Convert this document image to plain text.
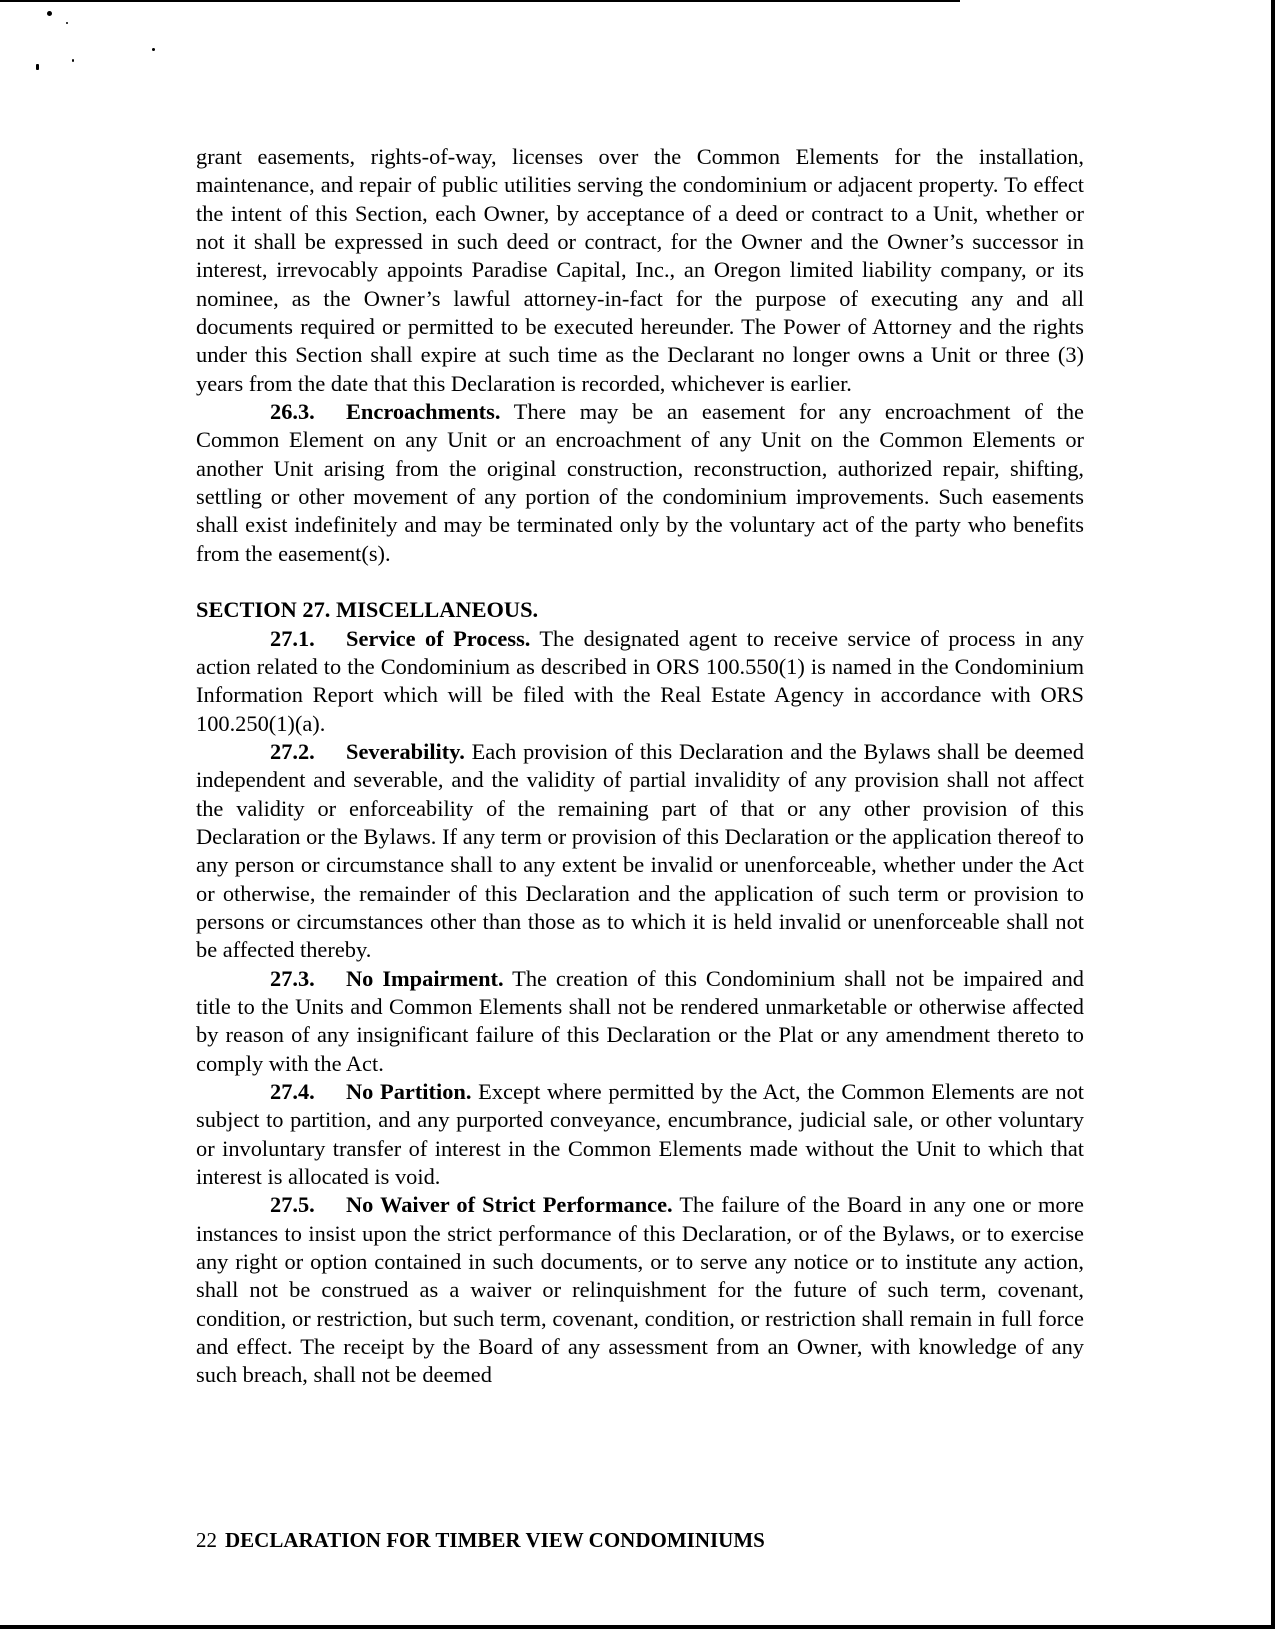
grant easements, rights-of-way, licenses over the Common Elements for the installation, maintenance, and repair of public utilities serving the condominium or adjacent property. To effect the intent of this Section, each Owner, by acceptance of a deed or contract to a Unit, whether or not it shall be expressed in such deed or contract, for the Owner and the Owner’s successor in interest, irrevocably appoints Paradise Capital, Inc., an Oregon limited liability company, or its nominee, as the Owner’s lawful attorney-in-fact for the purpose of executing any and all documents required or permitted to be executed hereunder. The Power of Attorney and the rights under this Section shall expire at such time as the Declarant no longer owns a Unit or three (3) years from the date that this Declaration is recorded, whichever is earlier.

26.3. Encroachments. There may be an easement for any encroachment of the Common Element on any Unit or an encroachment of any Unit on the Common Elements or another Unit arising from the original construction, reconstruction, authorized repair, shifting, settling or other movement of any portion of the condominium improvements. Such easements shall exist indefinitely and may be terminated only by the voluntary act of the party who benefits from the easement(s).

SECTION 27. MISCELLANEOUS.

27.1. Service of Process. The designated agent to receive service of process in any action related to the Condominium as described in ORS 100.550(1) is named in the Condominium Information Report which will be filed with the Real Estate Agency in accordance with ORS 100.250(1)(a).

27.2. Severability. Each provision of this Declaration and the Bylaws shall be deemed independent and severable, and the validity of partial invalidity of any provision shall not affect the validity or enforceability of the remaining part of that or any other provision of this Declaration or the Bylaws. If any term or provision of this Declaration or the application thereof to any person or circumstance shall to any extent be invalid or unenforceable, whether under the Act or otherwise, the remainder of this Declaration and the application of such term or provision to persons or circumstances other than those as to which it is held invalid or unenforceable shall not be affected thereby.

27.3. No Impairment. The creation of this Condominium shall not be impaired and title to the Units and Common Elements shall not be rendered unmarketable or otherwise affected by reason of any insignificant failure of this Declaration or the Plat or any amendment thereto to comply with the Act.

27.4. No Partition. Except where permitted by the Act, the Common Elements are not subject to partition, and any purported conveyance, encumbrance, judicial sale, or other voluntary or involuntary transfer of interest in the Common Elements made without the Unit to which that interest is allocated is void.

27.5. No Waiver of Strict Performance. The failure of the Board in any one or more instances to insist upon the strict performance of this Declaration, or of the Bylaws, or to exercise any right or option contained in such documents, or to serve any notice or to institute any action, shall not be construed as a waiver or relinquishment for the future of such term, covenant, condition, or restriction, but such term, covenant, condition, or restriction shall remain in full force and effect. The receipt by the Board of any assessment from an Owner, with knowledge of any such breach, shall not be deemed

22 DECLARATION FOR TIMBER VIEW CONDOMINIUMS
